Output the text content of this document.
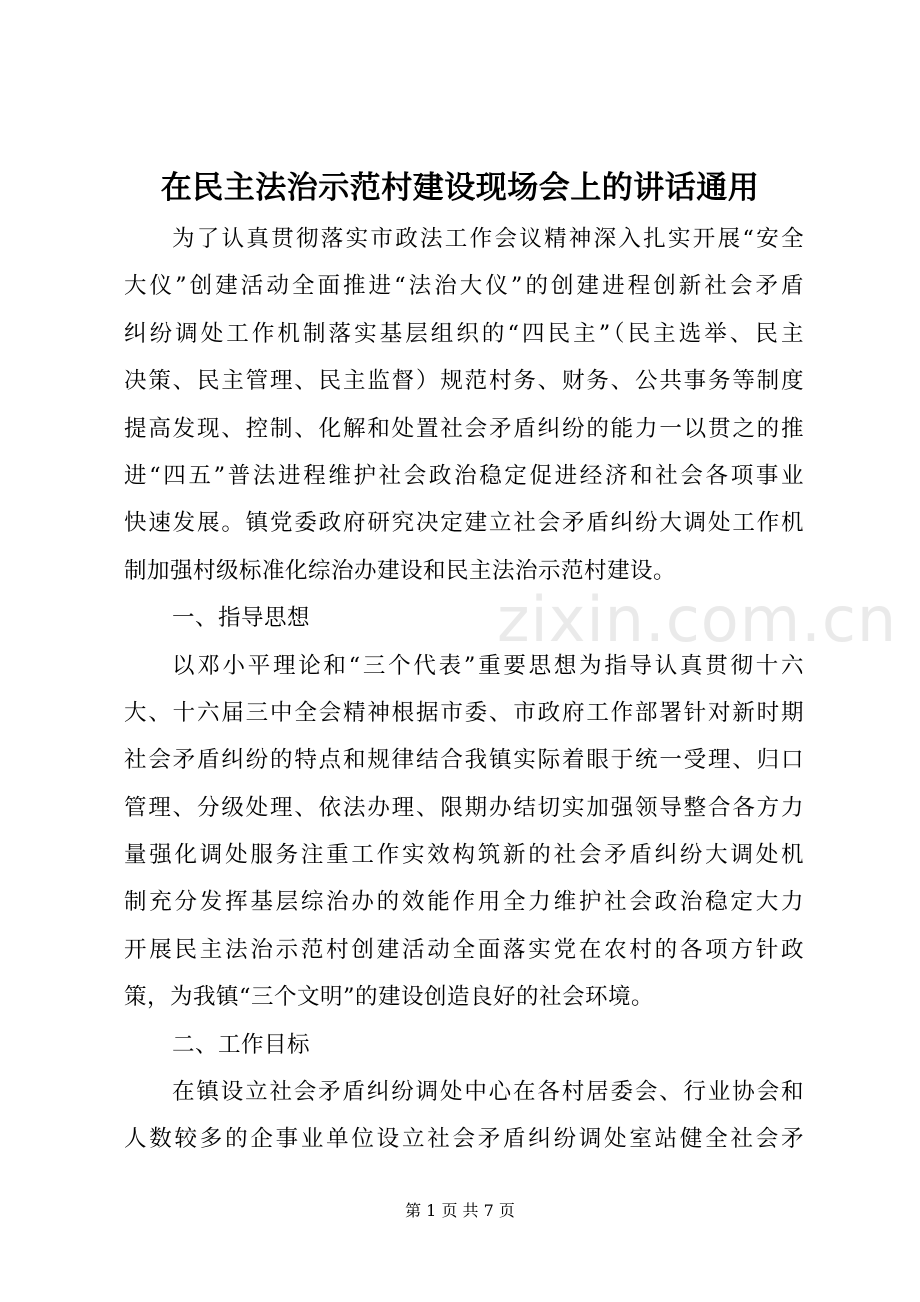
在民主法治示范村建设现场会上的讲话通用
zixin.com.cn
为了认真贯彻落实市政法工作会议精神深入扎实开展“安全
大仪”创建活动全面推进“法治大仪”的创建进程创新社会矛盾
纠纷调处工作机制落实基层组织的“四民主”（民主选举、民主
决策、民主管理、民主监督）规范村务、财务、公共事务等制度
提高发现、控制、化解和处置社会矛盾纠纷的能力一以贯之的推
进“四五”普法进程维护社会政治稳定促进经济和社会各项事业
快速发展。镇党委政府研究决定建立社会矛盾纠纷大调处工作机
制加强村级标准化综治办建设和民主法治示范村建设。
一、指导思想
以邓小平理论和“三个代表”重要思想为指导认真贯彻十六
大、十六届三中全会精神根据市委、市政府工作部署针对新时期
社会矛盾纠纷的特点和规律结合我镇实际着眼于统一受理、归口
管理、分级处理、依法办理、限期办结切实加强领导整合各方力
量强化调处服务注重工作实效构筑新的社会矛盾纠纷大调处机
制充分发挥基层综治办的效能作用全力维护社会政治稳定大力
开展民主法治示范村创建活动全面落实党在农村的各项方针政
策，为我镇“三个文明”的建设创造良好的社会环境。
二、工作目标
在镇设立社会矛盾纠纷调处中心在各村居委会、行业协会和
人数较多的企事业单位设立社会矛盾纠纷调处室站健全社会矛
第 1 页 共 7 页
